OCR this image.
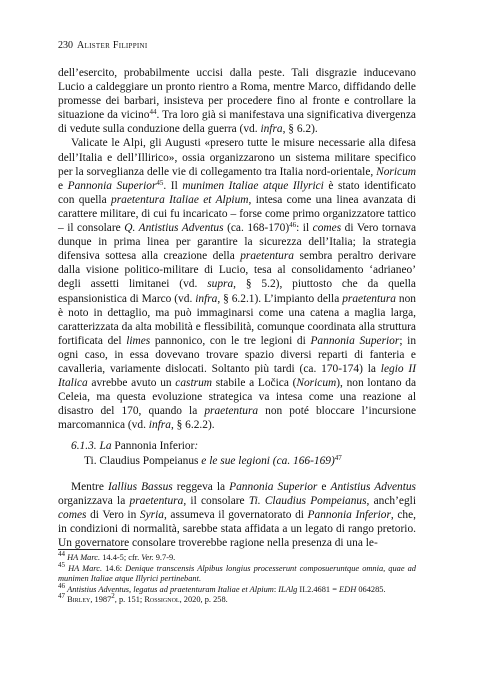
230 Alister Filippini

dell’esercito, probabilmente uccisi dalla peste. Tali disgrazie inducevano Lucio a caldeggiare un pronto rientro a Roma, mentre Marco, diffidando delle promesse dei barbari, insisteva per procedere fino al fronte e controllare la situazione da vicino$^{44}$. Tra loro già si manifestava una significativa divergenza di vedute sulla conduzione della guerra (vd. infra, § 6.2).

Valicate le Alpi, gli Augusti «presero tutte le misure necessarie alla difesa dell’Italia e dell’Illirico», ossia organizzarono un sistema militare specifico per la sorveglianza delle vie di collegamento tra Italia nord-orientale, Noricum e Pannonia Superior$^{45}$. Il munimen Italiae atque Illyrici è stato identificato con quella praetentura Italiae et Alpium, intesa come una linea avanzata di carattere militare, di cui fu incaricato – forse come primo organizzatore tattico – il consolare Q. Antistius Adventus (ca. 168-170)$^{46}$: il comes di Vero tornava dunque in prima linea per garantire la sicurezza dell’Italia; la strategia difensiva sottesa alla creazione della praetentura sembra peraltro derivare dalla visione politico-militare di Lucio, tesa al consolidamento ‘adrianeo’ degli assetti limitanei (vd. supra, § 5.2), piuttosto che da quella espansionistica di Marco (vd. infra, § 6.2.1). L’impianto della praetentura non è noto in dettaglio, ma può immaginarsi come una catena a maglia larga, caratterizzata da alta mobilità e flessibilità, comunque coordinata alla struttura fortificata del limes pannonico, con le tre legioni di Pannonia Superior; in ogni caso, in essa dovevano trovare spazio diversi reparti di fanteria e cavalleria, variamente dislocati. Soltanto più tardi (ca. 170-174) la legio II Italica avrebbe avuto un castrum stabile a Ločica (Noricum), non lontano da Celeia, ma questa evoluzione strategica va intesa come una reazione al disastro del 170, quando la praetentura non poté bloccare l’incursione marcomannica (vd. infra, § 6.2.2).

6.1.3. La Pannonia Inferior:
Ti. Claudius Pompeianus e le sue legioni (ca. 166-169)$^{47}$

Mentre Iallius Bassus reggeva la Pannonia Superior e Antistius Adventus organizzava la praetentura, il consolare Ti. Claudius Pompeianus, anch’egli comes di Vero in Syria, assumeva il governatorato di Pannonia Inferior, che, in condizioni di normalità, sarebbe stata affidata a un legato di rango pretorio. Un governatore consolare troverebbe ragione nella presenza di una le-

$^{44}$ HA Marc. 14.4-5; cfr. Ver. 9.7-9.

$^{45}$ HA Marc. 14.6: Denique transcensis Alpibus longius processerunt composueruntque omnia, quae ad munimen Italiae atque Illyrici pertinebant.

$^{46}$ Antistius Adventus, legatus ad praetenturam Italiae et Alpium: ILAlg II.2.4681 = EDH 064285.

$^{47}$ Birley, 1987$^2$, p. 151; Rossignol, 2020, p. 258.
